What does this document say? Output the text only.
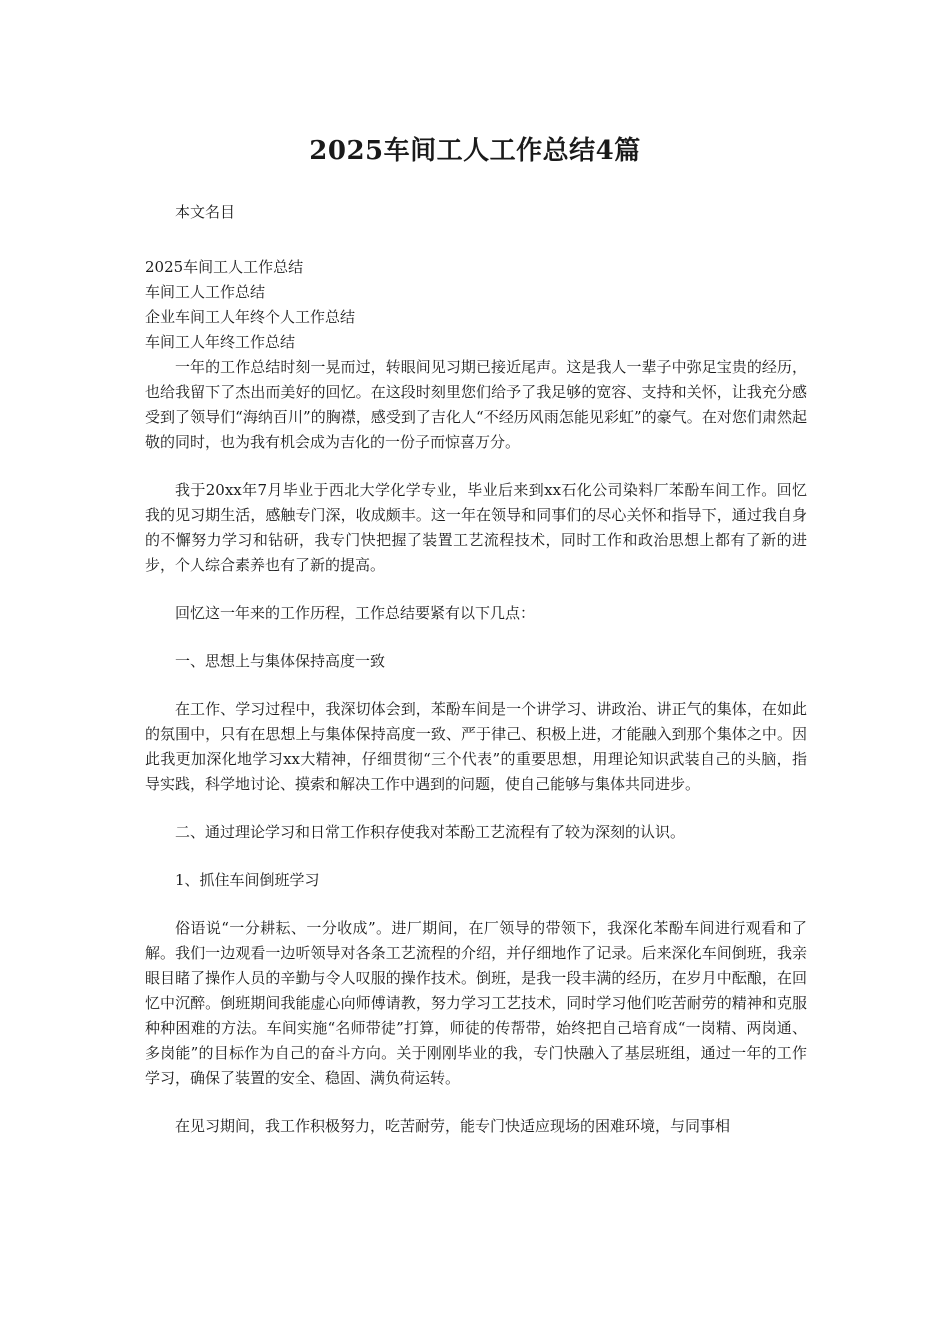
2025车间工人工作总结4篇

本文名目

2025车间工人工作总结

车间工人工作总结

企业车间工人年终个人工作总结

车间工人年终工作总结

一年的工作总结时刻一晃而过，转眼间见习期已接近尾声。这是我人一辈子中弥足宝贵的经历，也给我留下了杰出而美好的回忆。在这段时刻里您们给予了我足够的宽容、支持和关怀，让我充分感受到了领导们“海纳百川”的胸襟，感受到了吉化人“不经历风雨怎能见彩虹”的豪气。在对您们肃然起敬的同时，也为我有机会成为吉化的一份子而惊喜万分。

我于20xx年7月毕业于西北大学化学专业，毕业后来到xx石化公司染料厂苯酚车间工作。回忆我的见习期生活，感触专门深，收成颇丰。这一年在领导和同事们的尽心关怀和指导下，通过我自身的不懈努力学习和钻研，我专门快把握了装置工艺流程技术，同时工作和政治思想上都有了新的进步，个人综合素养也有了新的提高。

回忆这一年来的工作历程，工作总结要紧有以下几点：

一、思想上与集体保持高度一致

在工作、学习过程中，我深切体会到，苯酚车间是一个讲学习、讲政治、讲正气的集体，在如此的氛围中，只有在思想上与集体保持高度一致、严于律己、积极上进，才能融入到那个集体之中。因此我更加深化地学习xx大精神，仔细贯彻“三个代表”的重要思想，用理论知识武装自己的头脑，指导实践，科学地讨论、摸索和解决工作中遇到的问题，使自己能够与集体共同进步。

二、通过理论学习和日常工作积存使我对苯酚工艺流程有了较为深刻的认识。

1、抓住车间倒班学习

俗语说“一分耕耘、一分收成”。进厂期间，在厂领导的带领下，我深化苯酚车间进行观看和了解。我们一边观看一边听领导对各条工艺流程的介绍，并仔细地作了记录。后来深化车间倒班，我亲眼目睹了操作人员的辛勤与令人叹服的操作技术。倒班，是我一段丰满的经历，在岁月中酝酿，在回忆中沉醉。倒班期间我能虚心向师傅请教，努力学习工艺技术，同时学习他们吃苦耐劳的精神和克服种种困难的方法。车间实施“名师带徒”打算，师徒的传帮带，始终把自己培育成“一岗精、两岗通、多岗能”的目标作为自己的奋斗方向。关于刚刚毕业的我，专门快融入了基层班组，通过一年的工作学习，确保了装置的安全、稳固、满负荷运转。

在见习期间，我工作积极努力，吃苦耐劳，能专门快适应现场的困难环境，与同事相
